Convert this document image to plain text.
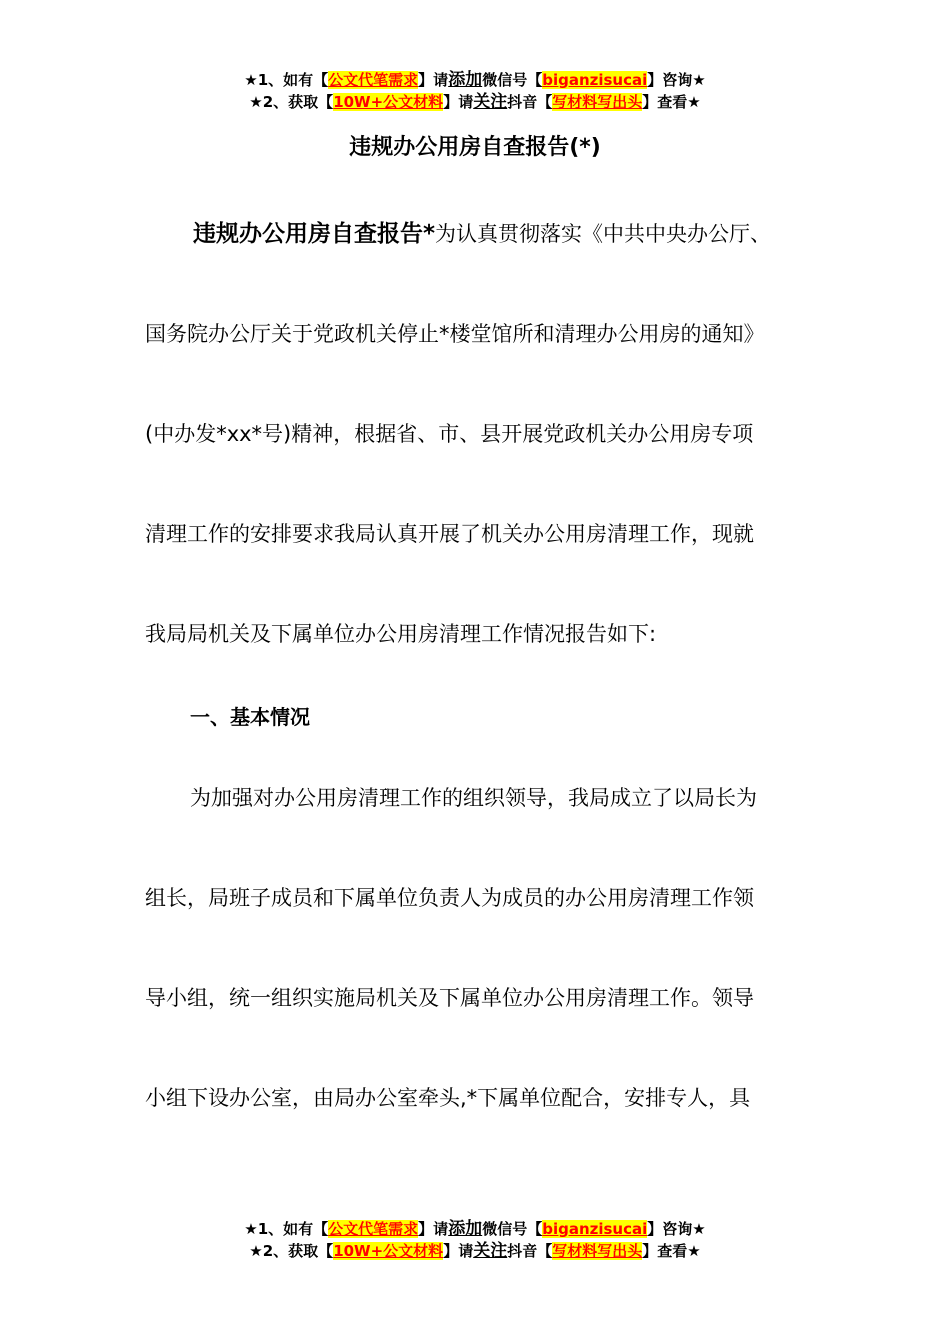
★1、如有【公文代笔需求】请添加微信号【biganzisucai】咨询★
★2、获取【10W+公文材料】请关注抖音【写材料写出头】查看★
违规办公用房自查报告(*)
违规办公用房自查报告*为认真贯彻落实《中共中央办公厅、
国务院办公厅关于党政机关停止*楼堂馆所和清理办公用房的通知》
(中办发*xx*号)精神，根据省、市、县开展党政机关办公用房专项
清理工作的安排要求我局认真开展了机关办公用房清理工作，现就
我局局机关及下属单位办公用房清理工作情况报告如下:
一、基本情况
为加强对办公用房清理工作的组织领导，我局成立了以局长为
组长，局班子成员和下属单位负责人为成员的办公用房清理工作领
导小组，统一组织实施局机关及下属单位办公用房清理工作。领导
小组下设办公室，由局办公室牵头,*下属单位配合，安排专人，具
★1、如有【公文代笔需求】请添加微信号【biganzisucai】咨询★
★2、获取【10W+公文材料】请关注抖音【写材料写出头】查看★
